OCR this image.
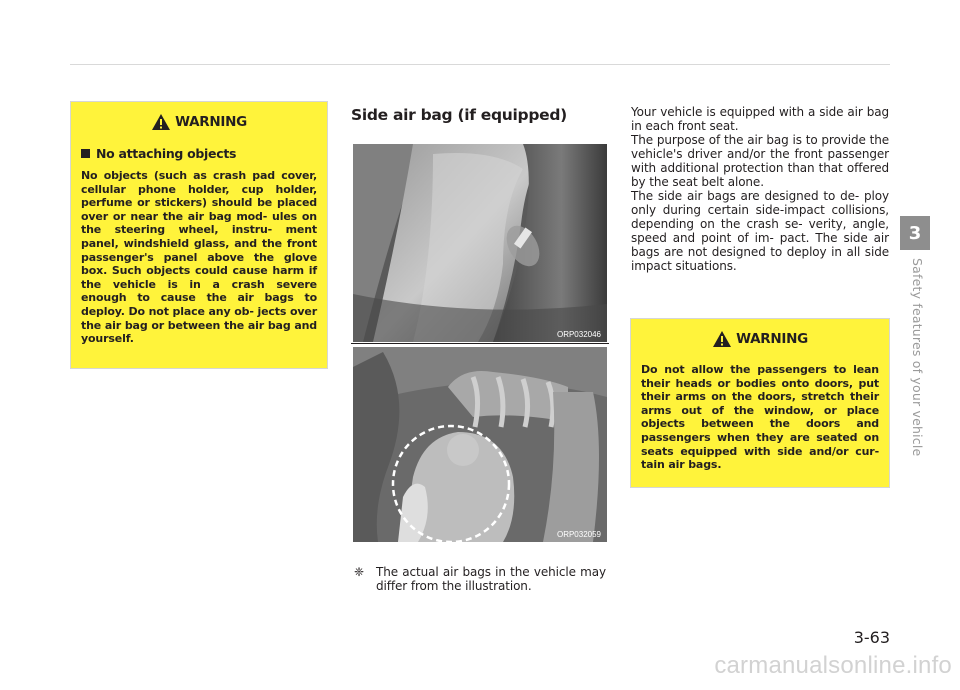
WARNING
No attaching objects

No objects (such as crash pad cover, cellular phone holder, cup holder, perfume or stickers) should be placed over or near the air bag mod- ules on the steering wheel, instru- ment panel, windshield glass, and the front passenger's panel above the glove box. Such objects could cause harm if the vehicle is in a crash severe enough to cause the air bags to deploy. Do not place any ob- jects over the air bag or between the air bag and yourself.

Side air bag (if equipped)
ORP032046
ORP032059
❈ The actual air bags in the vehicle may differ from the illustration.

Your vehicle is equipped with a side air bag in each front seat.

The purpose of the air bag is to provide the vehicle's driver and/or the front passenger with additional protection than that offered by the seat belt alone.

The side air bags are designed to de- ploy only during certain side-impact collisions, depending on the crash se- verity, angle, speed and point of im- pact. The side air bags are not designed to deploy in all side impact situations.

WARNING

Do not allow the passengers to lean their heads or bodies onto doors, put their arms on the doors, stretch their arms out of the window, or place objects between the doors and passengers when they are seated on seats equipped with side and/or cur- tain air bags.

3
Safety features of your vehicle
3-63
carmanualsonline.info
